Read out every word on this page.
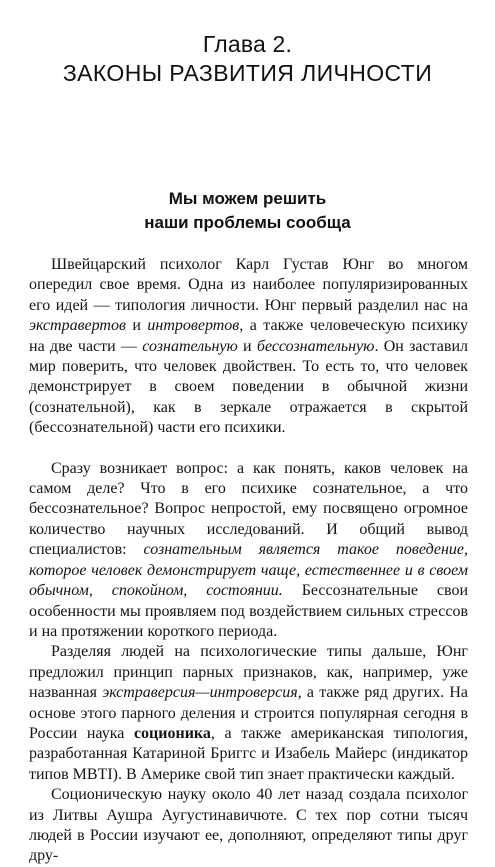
Глава 2.
ЗАКОНЫ РАЗВИТИЯ ЛИЧНОСТИ
Мы можем решить
наши проблемы сообща

Швейцарский психолог Карл Густав Юнг во многом опередил свое время. Одна из наиболее популяризированных его идей — типология личности. Юнг первый разделил нас на экстравертов и интровертов, а также человеческую психику на две части — сознательную и бессознательную. Он заставил мир поверить, что человек двойствен. То есть то, что человек демонстрирует в своем поведении в обычной жизни (сознательной), как в зеркале отражается в скрытой (бессознательной) части его психики.

Сразу возникает вопрос: а как понять, каков человек на самом деле? Что в его психике сознательное, а что бессознательное? Вопрос непростой, ему посвящено огромное количество научных исследований. И общий вывод специалистов: сознательным является такое поведение, которое человек демонстрирует чаще, естественнее и в своем обычном, спокойном, состоянии. Бессознательные свои особенности мы проявляем под воздействием сильных стрессов и на протяжении короткого периода.

Разделяя людей на психологические типы дальше, Юнг предложил принцип парных признаков, как, например, уже названная экстраверсия—интроверсия, а также ряд других. На основе этого парного деления и строится популярная сегодня в России наука соционика, а также американская типология, разработанная Катариной Бриггс и Изабель Майерс (индикатор типов MBTI). В Америке свой тип знает практически каждый.

Соционическую науку около 40 лет назад создала психолог из Литвы Аушра Аугустинавичюте. С тех пор сотни тысяч людей в России изучают ее, дополняют, определяют типы друг дру-
